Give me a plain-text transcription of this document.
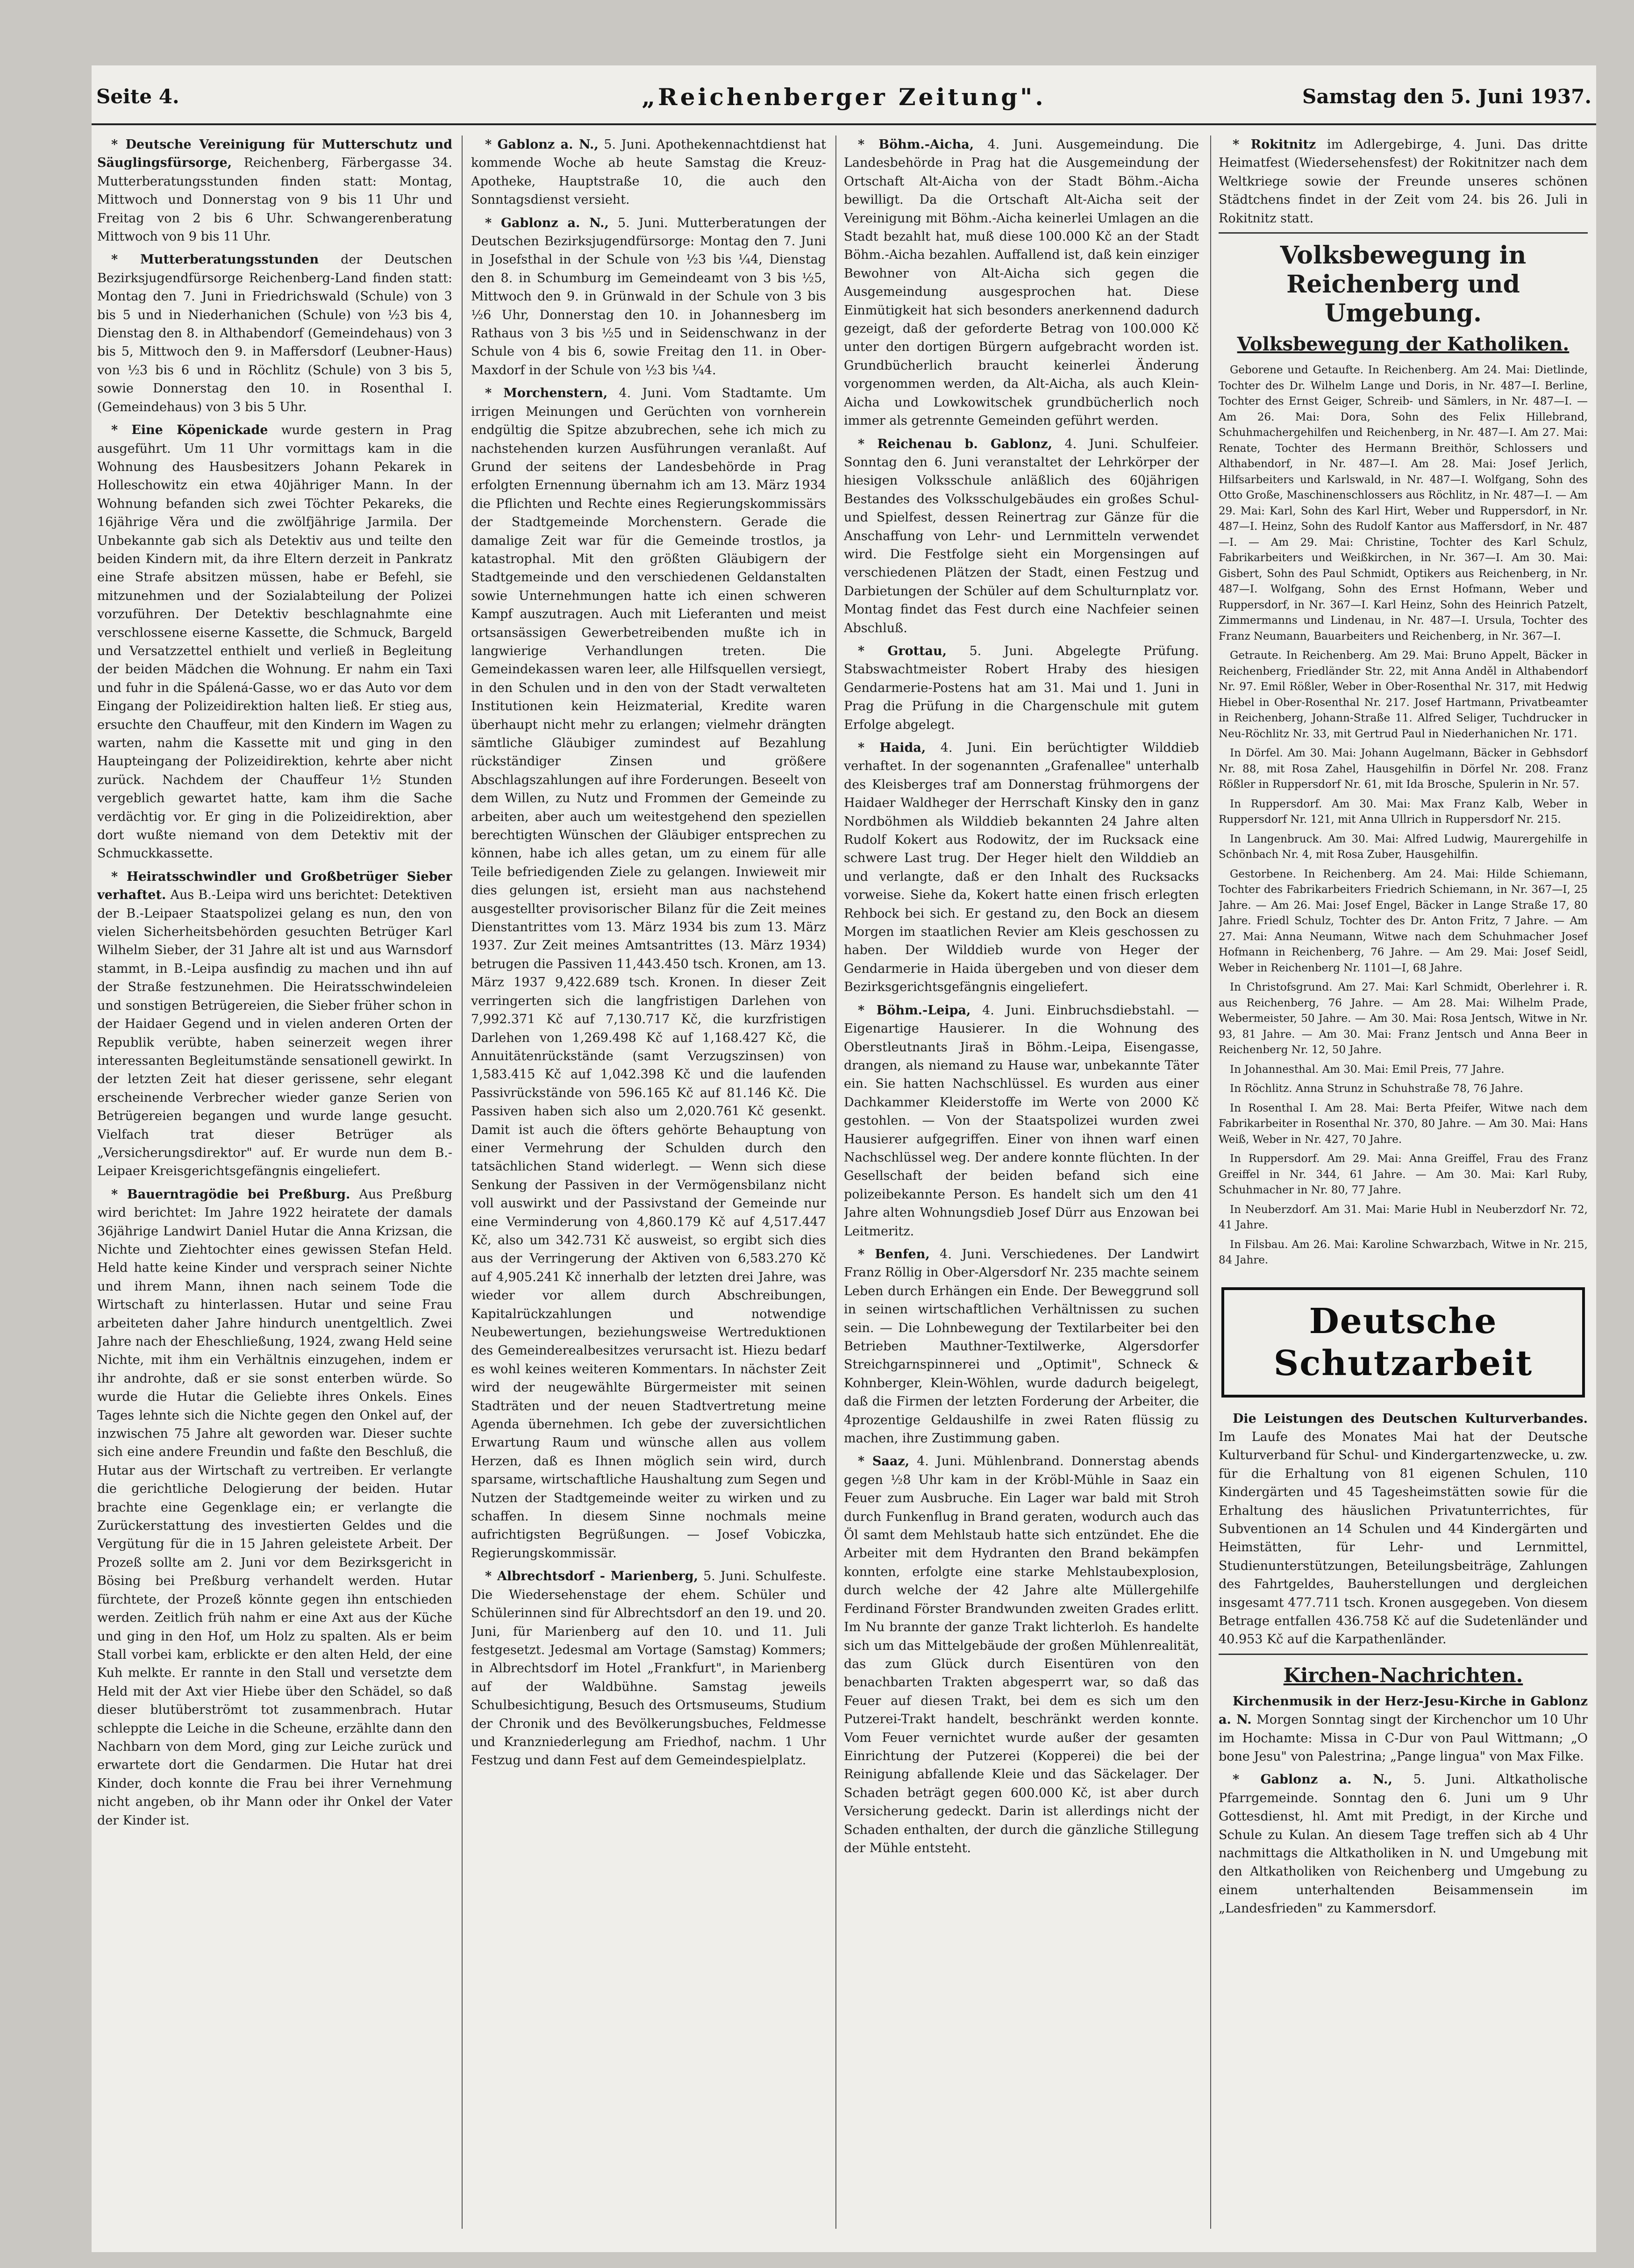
Seite 4.	„Reichenberger Zeitung".	Samstag den 5. Juni 1937.

* Deutsche Vereinigung für Mutterschutz und Säuglingsfürsorge, Reichenberg, Färbergasse 34. Mutterberatungsstunden finden statt: Montag, Mittwoch und Donnerstag von 9 bis 11 Uhr und Freitag von 2 bis 6 Uhr. Schwangerenberatung Mittwoch von 9 bis 11 Uhr.

* Mutterberatungsstunden der Deutschen Bezirksjugendfürsorge Reichenberg-Land finden statt: Montag den 7. Juni in Friedrichswald (Schule) von 3 bis 5 und in Niederhanichen (Schule) von ½3 bis 4, Dienstag den 8. in Althabendorf (Gemeindehaus) von 3 bis 5, Mittwoch den 9. in Maffersdorf (Leubner-Haus) von ½3 bis 6 und in Röchlitz (Schule) von 3 bis 5, sowie Donnerstag den 10. in Rosenthal I. (Gemeindehaus) von 3 bis 5 Uhr.

* Eine Köpenickade wurde gestern in Prag ausgeführt. Um 11 Uhr vormittags kam in die Wohnung des Hausbesitzers Johann Pekarek in Holleschowitz ein etwa 40jähriger Mann. In der Wohnung befanden sich zwei Töchter Pekareks, die 16jährige Věra und die zwölfjährige Jarmila. Der Unbekannte gab sich als Detektiv aus und teilte den beiden Kindern mit, da ihre Eltern derzeit in Pankratz eine Strafe absitzen müssen, habe er Befehl, sie mitzunehmen und der Sozialabteilung der Polizei vorzuführen. Der Detektiv beschlagnahmte eine verschlossene eiserne Kassette, die Schmuck, Bargeld und Versatzzettel enthielt und verließ in Begleitung der beiden Mädchen die Wohnung. Er nahm ein Taxi und fuhr in die Spálená-Gasse, wo er das Auto vor dem Eingang der Polizeidirektion halten ließ. Er stieg aus, ersuchte den Chauffeur, mit den Kindern im Wagen zu warten, nahm die Kassette mit und ging in den Haupteingang der Polizeidirektion, kehrte aber nicht zurück. Nachdem der Chauffeur 1½ Stunden vergeblich gewartet hatte, kam ihm die Sache verdächtig vor. Er ging in die Polizeidirektion, aber dort wußte niemand von dem Detektiv mit der Schmuckkassette.

* Heiratsschwindler und Großbetrüger Sieber verhaftet. Aus B.-Leipa wird uns berichtet: Detektiven der B.-Leipaer Staatspolizei gelang es nun, den von vielen Sicherheitsbehörden gesuchten Betrüger Karl Wilhelm Sieber, der 31 Jahre alt ist und aus Warnsdorf stammt, in B.-Leipa ausfindig zu machen und ihn auf der Straße festzunehmen. Die Heiratsschwindeleien und sonstigen Betrügereien, die Sieber früher schon in der Haidaer Gegend und in vielen anderen Orten der Republik verübte, haben seinerzeit wegen ihrer interessanten Begleitumstände sensationell gewirkt. In der letzten Zeit hat dieser gerissene, sehr elegant erscheinende Verbrecher wieder ganze Serien von Betrügereien begangen und wurde lange gesucht. Vielfach trat dieser Betrüger als „Versicherungsdirektor" auf. Er wurde nun dem B.-Leipaer Kreisgerichtsgefängnis eingeliefert.

* Bauerntragödie bei Preßburg. Aus Preßburg wird berichtet: Im Jahre 1922 heiratete der damals 36jährige Landwirt Daniel Hutar die Anna Krizsan, die Nichte und Ziehtochter eines gewissen Stefan Held. Held hatte keine Kinder und versprach seiner Nichte und ihrem Mann, ihnen nach seinem Tode die Wirtschaft zu hinterlassen. Hutar und seine Frau arbeiteten daher Jahre hindurch unentgeltlich. Zwei Jahre nach der Eheschließung, 1924, zwang Held seine Nichte, mit ihm ein Verhältnis einzugehen, indem er ihr androhte, daß er sie sonst enterben würde. So wurde die Hutar die Geliebte ihres Onkels. Eines Tages lehnte sich die Nichte gegen den Onkel auf, der inzwischen 75 Jahre alt geworden war. Dieser suchte sich eine andere Freundin und faßte den Beschluß, die Hutar aus der Wirtschaft zu vertreiben. Er verlangte die gerichtliche Delogierung der beiden. Hutar brachte eine Gegenklage ein; er verlangte die Zurückerstattung des investierten Geldes und die Vergütung für die in 15 Jahren geleistete Arbeit. Der Prozeß sollte am 2. Juni vor dem Bezirksgericht in Bösing bei Preßburg verhandelt werden. Hutar fürchtete, der Prozeß könnte gegen ihn entschieden werden. Zeitlich früh nahm er eine Axt aus der Küche und ging in den Hof, um Holz zu spalten. Als er beim Stall vorbei kam, erblickte er den alten Held, der eine Kuh melkte. Er rannte in den Stall und versetzte dem Held mit der Axt vier Hiebe über den Schädel, so daß dieser blutüberströmt tot zusammenbrach. Hutar schleppte die Leiche in die Scheune, erzählte dann den Nachbarn von dem Mord, ging zur Leiche zurück und erwartete dort die Gendarmen. Die Hutar hat drei Kinder, doch konnte die Frau bei ihrer Vernehmung nicht angeben, ob ihr Mann oder ihr Onkel der Vater der Kinder ist.

* Gablonz a. N., 5. Juni. Apothekennachtdienst hat kommende Woche ab heute Samstag die Kreuz-Apotheke, Hauptstraße 10, die auch den Sonntagsdienst versieht.

* Gablonz a. N., 5. Juni. Mutterberatungen der Deutschen Bezirksjugendfürsorge: Montag den 7. Juni in Josefsthal in der Schule von ½3 bis ¼4, Dienstag den 8. in Schumburg im Gemeindeamt von 3 bis ½5, Mittwoch den 9. in Grünwald in der Schule von 3 bis ½6 Uhr, Donnerstag den 10. in Johannesberg im Rathaus von 3 bis ½5 und in Seidenschwanz in der Schule von 4 bis 6, sowie Freitag den 11. in Ober-Maxdorf in der Schule von ½3 bis ¼4.

* Morchenstern, 4. Juni. Vom Stadtamte. Um irrigen Meinungen und Gerüchten von vornherein endgültig die Spitze abzubrechen, sehe ich mich zu nachstehenden kurzen Ausführungen veranlaßt. Auf Grund der seitens der Landesbehörde in Prag erfolgten Ernennung übernahm ich am 13. März 1934 die Pflichten und Rechte eines Regierungskommissärs der Stadtgemeinde Morchenstern. Gerade die damalige Zeit war für die Gemeinde trostlos, ja katastrophal. Mit den größten Gläubigern der Stadtgemeinde und den verschiedenen Geldanstalten sowie Unternehmungen hatte ich einen schweren Kampf auszutragen. Auch mit Lieferanten und meist ortsansässigen Gewerbetreibenden mußte ich in langwierige Verhandlungen treten. Die Gemeindekassen waren leer, alle Hilfsquellen versiegt, in den Schulen und in den von der Stadt verwalteten Institutionen kein Heizmaterial, Kredite waren überhaupt nicht mehr zu erlangen; vielmehr drängten sämtliche Gläubiger zumindest auf Bezahlung rückständiger Zinsen und größere Abschlagszahlungen auf ihre Forderungen. Beseelt von dem Willen, zu Nutz und Frommen der Gemeinde zu arbeiten, aber auch um weitestgehend den speziellen berechtigten Wünschen der Gläubiger entsprechen zu können, habe ich alles getan, um zu einem für alle Teile befriedigenden Ziele zu gelangen. Inwieweit mir dies gelungen ist, ersieht man aus nachstehend ausgestellter provisorischer Bilanz für die Zeit meines Dienstantrittes vom 13. März 1934 bis zum 13. März 1937. Zur Zeit meines Amtsantrittes (13. März 1934) betrugen die Passiven 11,443.450 tsch. Kronen, am 13. März 1937 9,422.689 tsch. Kronen. In dieser Zeit verringerten sich die langfristigen Darlehen von 7,992.371 Kč auf 7,130.717 Kč, die kurzfristigen Darlehen von 1,269.498 Kč auf 1,168.427 Kč, die Annuitätenrückstände (samt Verzugszinsen) von 1,583.415 Kč auf 1,042.398 Kč und die laufenden Passivrückstände von 596.165 Kč auf 81.146 Kč. Die Passiven haben sich also um 2,020.761 Kč gesenkt. Damit ist auch die öfters gehörte Behauptung von einer Vermehrung der Schulden durch den tatsächlichen Stand widerlegt. — Wenn sich diese Senkung der Passiven in der Vermögensbilanz nicht voll auswirkt und der Passivstand der Gemeinde nur eine Verminderung von 4,860.179 Kč auf 4,517.447 Kč, also um 342.731 Kč ausweist, so ergibt sich dies aus der Verringerung der Aktiven von 6,583.270 Kč auf 4,905.241 Kč innerhalb der letzten drei Jahre, was wieder vor allem durch Abschreibungen, Kapitalrückzahlungen und notwendige Neubewertungen, beziehungsweise Wertreduktionen des Gemeinderealbesitzes verursacht ist. Hiezu bedarf es wohl keines weiteren Kommentars. In nächster Zeit wird der neugewählte Bürgermeister mit seinen Stadträten und der neuen Stadtvertretung meine Agenda übernehmen. Ich gebe der zuversichtlichen Erwartung Raum und wünsche allen aus vollem Herzen, daß es Ihnen möglich sein wird, durch sparsame, wirtschaftliche Haushaltung zum Segen und Nutzen der Stadtgemeinde weiter zu wirken und zu schaffen. In diesem Sinne nochmals meine aufrichtigsten Begrüßungen. — Josef Vobiczka, Regierungskommissär.

* Albrechtsdorf - Marienberg, 5. Juni. Schulfeste. Die Wiedersehenstage der ehem. Schüler und Schülerinnen sind für Albrechtsdorf an den 19. und 20. Juni, für Marienberg auf den 10. und 11. Juli festgesetzt. Jedesmal am Vortage (Samstag) Kommers; in Albrechtsdorf im Hotel „Frankfurt", in Marienberg auf der Waldbühne. Samstag jeweils Schulbesichtigung, Besuch des Ortsmuseums, Studium der Chronik und des Bevölkerungsbuches, Feldmesse und Kranzniederlegung am Friedhof, nachm. 1 Uhr Festzug und dann Fest auf dem Gemeindespielplatz.

* Böhm.-Aicha, 4. Juni. Ausgemeindung. Die Landesbehörde in Prag hat die Ausgemeindung der Ortschaft Alt-Aicha von der Stadt Böhm.-Aicha bewilligt. Da die Ortschaft Alt-Aicha seit der Vereinigung mit Böhm.-Aicha keinerlei Umlagen an die Stadt bezahlt hat, muß diese 100.000 Kč an der Stadt Böhm.-Aicha bezahlen. Auffallend ist, daß kein einziger Bewohner von Alt-Aicha sich gegen die Ausgemeindung ausgesprochen hat. Diese Einmütigkeit hat sich besonders anerkennend dadurch gezeigt, daß der geforderte Betrag von 100.000 Kč unter den dortigen Bürgern aufgebracht worden ist. Grundbücherlich braucht keinerlei Änderung vorgenommen werden, da Alt-Aicha, als auch Klein-Aicha und Lowkowitschek grundbücherlich noch immer als getrennte Gemeinden geführt werden.

* Reichenau b. Gablonz, 4. Juni. Schulfeier. Sonntag den 6. Juni veranstaltet der Lehrkörper der hiesigen Volksschule anläßlich des 60jährigen Bestandes des Volksschulgebäudes ein großes Schul- und Spielfest, dessen Reinertrag zur Gänze für die Anschaffung von Lehr- und Lernmitteln verwendet wird. Die Festfolge sieht ein Morgensingen auf verschiedenen Plätzen der Stadt, einen Festzug und Darbietungen der Schüler auf dem Schulturnplatz vor. Montag findet das Fest durch eine Nachfeier seinen Abschluß.

* Grottau, 5. Juni. Abgelegte Prüfung. Stabswachtmeister Robert Hraby des hiesigen Gendarmerie-Postens hat am 31. Mai und 1. Juni in Prag die Prüfung in die Chargenschule mit gutem Erfolge abgelegt.

* Haida, 4. Juni. Ein berüchtigter Wilddieb verhaftet. In der sogenannten „Grafenallee" unterhalb des Kleisberges traf am Donnerstag frühmorgens der Haidaer Waldheger der Herrschaft Kinsky den in ganz Nordböhmen als Wilddieb bekannten 24 Jahre alten Rudolf Kokert aus Rodowitz, der im Rucksack eine schwere Last trug. Der Heger hielt den Wilddieb an und verlangte, daß er den Inhalt des Rucksacks vorweise. Siehe da, Kokert hatte einen frisch erlegten Rehbock bei sich. Er gestand zu, den Bock an diesem Morgen im staatlichen Revier am Kleis geschossen zu haben. Der Wilddieb wurde von Heger der Gendarmerie in Haida übergeben und von dieser dem Bezirksgerichtsgefängnis eingeliefert.

* Böhm.-Leipa, 4. Juni. Einbruchsdiebstahl. — Eigenartige Hausierer. In die Wohnung des Oberstleutnants Jiraš in Böhm.-Leipa, Eisengasse, drangen, als niemand zu Hause war, unbekannte Täter ein. Sie hatten Nachschlüssel. Es wurden aus einer Dachkammer Kleiderstoffe im Werte von 2000 Kč gestohlen. — Von der Staatspolizei wurden zwei Hausierer aufgegriffen. Einer von ihnen warf einen Nachschlüssel weg. Der andere konnte flüchten. In der Gesellschaft der beiden befand sich eine polizeibekannte Person. Es handelt sich um den 41 Jahre alten Wohnungsdieb Josef Dürr aus Enzowan bei Leitmeritz.

* Benfen, 4. Juni. Verschiedenes. Der Landwirt Franz Röllig in Ober-Algersdorf Nr. 235 machte seinem Leben durch Erhängen ein Ende. Der Beweggrund soll in seinen wirtschaftlichen Verhältnissen zu suchen sein. — Die Lohnbewegung der Textilarbeiter bei den Betrieben Mauthner-Textilwerke, Algersdorfer Streichgarnspinnerei und „Optimit", Schneck & Kohnberger, Klein-Wöhlen, wurde dadurch beigelegt, daß die Firmen der letzten Forderung der Arbeiter, die 4prozentige Geldaushilfe in zwei Raten flüssig zu machen, ihre Zustimmung gaben.

* Saaz, 4. Juni. Mühlenbrand. Donnerstag abends gegen ½8 Uhr kam in der Kröbl-Mühle in Saaz ein Feuer zum Ausbruche. Ein Lager war bald mit Stroh durch Funkenflug in Brand geraten, wodurch auch das Öl samt dem Mehlstaub hatte sich entzündet. Ehe die Arbeiter mit dem Hydranten den Brand bekämpfen konnten, erfolgte eine starke Mehlstaubexplosion, durch welche der 42 Jahre alte Müllergehilfe Ferdinand Förster Brandwunden zweiten Grades erlitt. Im Nu brannte der ganze Trakt lichterloh. Es handelte sich um das Mittelgebäude der großen Mühlenrealität, das zum Glück durch Eisentüren von den benachbarten Trakten abgesperrt war, so daß das Feuer auf diesen Trakt, bei dem es sich um den Putzerei-Trakt handelt, beschränkt werden konnte. Vom Feuer vernichtet wurde außer der gesamten Einrichtung der Putzerei (Kopperei) die bei der Reinigung abfallende Kleie und das Säckelager. Der Schaden beträgt gegen 600.000 Kč, ist aber durch Versicherung gedeckt. Darin ist allerdings nicht der Schaden enthalten, der durch die gänzliche Stillegung der Mühle entsteht.

* Rokitnitz im Adlergebirge, 4. Juni. Das dritte Heimatfest (Wiedersehensfest) der Rokitnitzer nach dem Weltkriege sowie der Freunde unseres schönen Städtchens findet in der Zeit vom 24. bis 26. Juli in Rokitnitz statt.

Volksbewegung in Reichenberg und Umgebung.
Volksbewegung der Katholiken.

Geborene und Getaufte. In Reichenberg. Am 24. Mai: Dietlinde, Tochter des Dr. Wilhelm Lange und Doris, in Nr. 487—I. Berline, Tochter des Ernst Geiger, Schreib- und Sämlers, in Nr. 487—I. — Am 26. Mai: Dora, Sohn des Felix Hillebrand, Schuhmachergehilfen und Reichenberg, in Nr. 487—I. Am 27. Mai: Renate, Tochter des Hermann Breithör, Schlossers und Althabendorf, in Nr. 487—I. Am 28. Mai: Josef Jerlich, Hilfsarbeiters und Karlswald, in Nr. 487—I. Wolfgang, Sohn des Otto Große, Maschinenschlossers aus Röchlitz, in Nr. 487—I. — Am 29. Mai: Karl, Sohn des Karl Hirt, Weber und Ruppersdorf, in Nr. 487—I. Heinz, Sohn des Rudolf Kantor aus Maffersdorf, in Nr. 487—I. — Am 29. Mai: Christine, Tochter des Karl Schulz, Fabrikarbeiters und Weißkirchen, in Nr. 367—I. Am 30. Mai: Gisbert, Sohn des Paul Schmidt, Optikers aus Reichenberg, in Nr. 487—I. Wolfgang, Sohn des Ernst Hofmann, Weber und Ruppersdorf, in Nr. 367—I. Karl Heinz, Sohn des Heinrich Patzelt, Zimmermanns und Lindenau, in Nr. 487—I. Ursula, Tochter des Franz Neumann, Bauarbeiters und Reichenberg, in Nr. 367—I.

Getraute. In Reichenberg. Am 29. Mai: Bruno Appelt, Bäcker in Reichenberg, Friedländer Str. 22, mit Anna Anděl in Althabendorf Nr. 97. Emil Rößler, Weber in Ober-Rosenthal Nr. 317, mit Hedwig Hiebel in Ober-Rosenthal Nr. 217. Josef Hartmann, Privatbeamter in Reichenberg, Johann-Straße 11. Alfred Seliger, Tuchdrucker in Neu-Röchlitz Nr. 33, mit Gertrud Paul in Niederhanichen Nr. 171.

In Dörfel. Am 30. Mai: Johann Augelmann, Bäcker in Gebhsdorf Nr. 88, mit Rosa Zahel, Hausgehilfin in Dörfel Nr. 208. Franz Rößler in Ruppersdorf Nr. 61, mit Ida Brosche, Spulerin in Nr. 57.

In Ruppersdorf. Am 30. Mai: Max Franz Kalb, Weber in Ruppersdorf Nr. 121, mit Anna Ullrich in Ruppersdorf Nr. 215.

In Langenbruck. Am 30. Mai: Alfred Ludwig, Maurergehilfe in Schönbach Nr. 4, mit Rosa Zuber, Hausgehilfin.

Gestorbene. In Reichenberg. Am 24. Mai: Hilde Schiemann, Tochter des Fabrikarbeiters Friedrich Schiemann, in Nr. 367—I, 25 Jahre. — Am 26. Mai: Josef Engel, Bäcker in Lange Straße 17, 80 Jahre. Friedl Schulz, Tochter des Dr. Anton Fritz, 7 Jahre. — Am 27. Mai: Anna Neumann, Witwe nach dem Schuhmacher Josef Hofmann in Reichenberg, 76 Jahre. — Am 29. Mai: Josef Seidl, Weber in Reichenberg Nr. 1101—I, 68 Jahre.

In Christofsgrund. Am 27. Mai: Karl Schmidt, Oberlehrer i. R. aus Reichenberg, 76 Jahre. — Am 28. Mai: Wilhelm Prade, Webermeister, 50 Jahre. — Am 30. Mai: Rosa Jentsch, Witwe in Nr. 93, 81 Jahre. — Am 30. Mai: Franz Jentsch und Anna Beer in Reichenberg Nr. 12, 50 Jahre.

In Johannesthal. Am 30. Mai: Emil Preis, 77 Jahre.

In Röchlitz. Anna Strunz in Schuhstraße 78, 76 Jahre.

In Rosenthal I. Am 28. Mai: Berta Pfeifer, Witwe nach dem Fabrikarbeiter in Rosenthal Nr. 370, 80 Jahre. — Am 30. Mai: Hans Weiß, Weber in Nr. 427, 70 Jahre.

In Ruppersdorf. Am 29. Mai: Anna Greiffel, Frau des Franz Greiffel in Nr. 344, 61 Jahre. — Am 30. Mai: Karl Ruby, Schuhmacher in Nr. 80, 77 Jahre.

In Neuberzdorf. Am 31. Mai: Marie Hubl in Neuberzdorf Nr. 72, 41 Jahre.

In Filsbau. Am 26. Mai: Karoline Schwarzbach, Witwe in Nr. 215, 84 Jahre.

Deutsche Schutzarbeit

Die Leistungen des Deutschen Kulturverbandes. Im Laufe des Monates Mai hat der Deutsche Kulturverband für Schul- und Kindergartenzwecke, u. zw. für die Erhaltung von 81 eigenen Schulen, 110 Kindergärten und 45 Tagesheimstätten sowie für die Erhaltung des häuslichen Privatunterrichtes, für Subventionen an 14 Schulen und 44 Kindergärten und Heimstätten, für Lehr- und Lernmittel, Studienunterstützungen, Beteilungsbeiträge, Zahlungen des Fahrtgeldes, Bauherstellungen und dergleichen insgesamt 477.711 tsch. Kronen ausgegeben. Von diesem Betrage entfallen 436.758 Kč auf die Sudetenländer und 40.953 Kč auf die Karpathenländer.

Kirchen-Nachrichten.

Kirchenmusik in der Herz-Jesu-Kirche in Gablonz a. N. Morgen Sonntag singt der Kirchenchor um 10 Uhr im Hochamte: Missa in C-Dur von Paul Wittmann; „O bone Jesu" von Palestrina; „Pange lingua" von Max Filke.

* Gablonz a. N., 5. Juni. Altkatholische Pfarrgemeinde. Sonntag den 6. Juni um 9 Uhr Gottesdienst, hl. Amt mit Predigt, in der Kirche und Schule zu Kulan. An diesem Tage treffen sich ab 4 Uhr nachmittags die Altkatholiken in N. und Umgebung mit den Altkatholiken von Reichenberg und Umgebung zu einem unterhaltenden Beisammensein im „Landesfrieden" zu Kammersdorf.
